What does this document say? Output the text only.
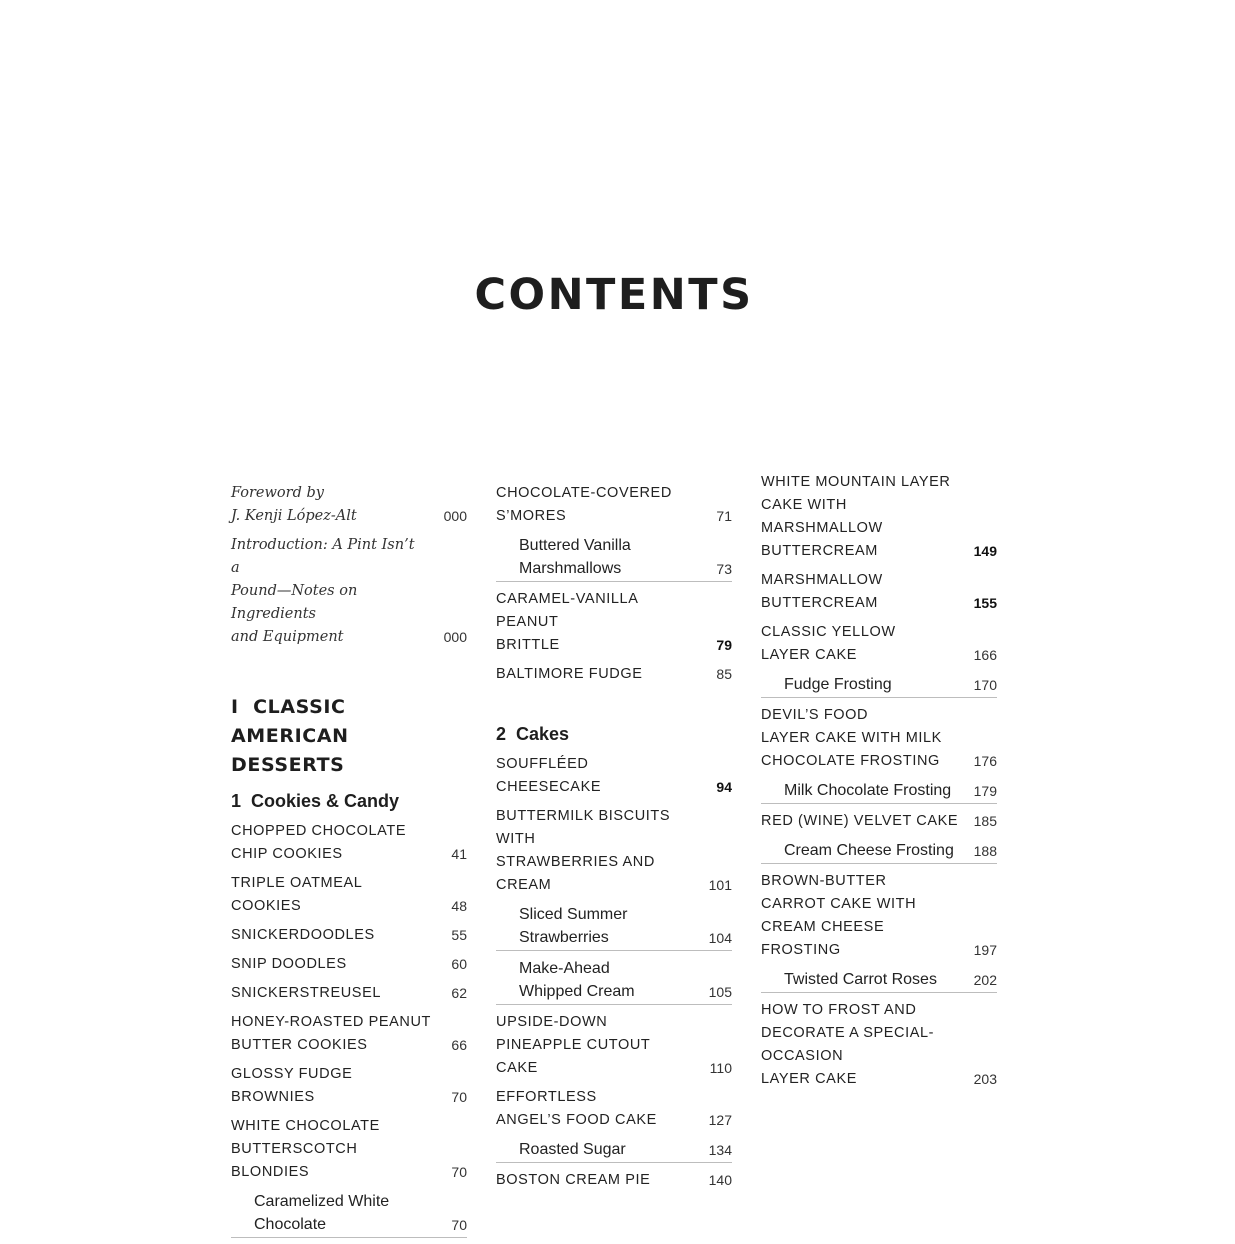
CONTENTS
Foreword by
J. Kenji López-Alt	000
Introduction: A Pint Isn’t a
Pound—Notes on Ingredients
and Equipment	000
I CLASSIC AMERICAN DESSERTS
1 Cookies & Candy
CHOPPED CHOCOLATE
CHIP COOKIES	41
TRIPLE OATMEAL COOKIES	48
SNICKERDOODLES	55
SNIP DOODLES	60
SNICKERSTREUSEL	62
HONEY-ROASTED PEANUT
BUTTER COOKIES	66
GLOSSY FUDGE BROWNIES	70
WHITE CHOCOLATE
BUTTERSCOTCH BLONDIES	70
Caramelized White
Chocolate	70
CHOCOLATE-COVERED
S’MORES	71
Buttered Vanilla
Marshmallows	73
CARAMEL-VANILLA PEANUT
BRITTLE	79
BALTIMORE FUDGE	85
2 Cakes
SOUFFLÉED CHEESECAKE	94
BUTTERMILK BISCUITS WITH
STRAWBERRIES AND CREAM	101
Sliced Summer
Strawberries	104
Make-Ahead
Whipped Cream	105
UPSIDE-DOWN
PINEAPPLE CUTOUT CAKE	110
EFFORTLESS
ANGEL’S FOOD CAKE	127
Roasted Sugar	134
BOSTON CREAM PIE	140
WHITE MOUNTAIN LAYER
CAKE WITH MARSHMALLOW
BUTTERCREAM	149
MARSHMALLOW
BUTTERCREAM	155
CLASSIC YELLOW
LAYER CAKE	166
Fudge Frosting	170
DEVIL’S FOOD
LAYER CAKE WITH MILK
CHOCOLATE FROSTING	176
Milk Chocolate Frosting	179
RED (WINE) VELVET CAKE	185
Cream Cheese Frosting	188
BROWN-BUTTER
CARROT CAKE WITH
CREAM CHEESE FROSTING	197
Twisted Carrot Roses	202
HOW TO FROST AND
DECORATE A SPECIAL-OCCASION
LAYER CAKE	203
